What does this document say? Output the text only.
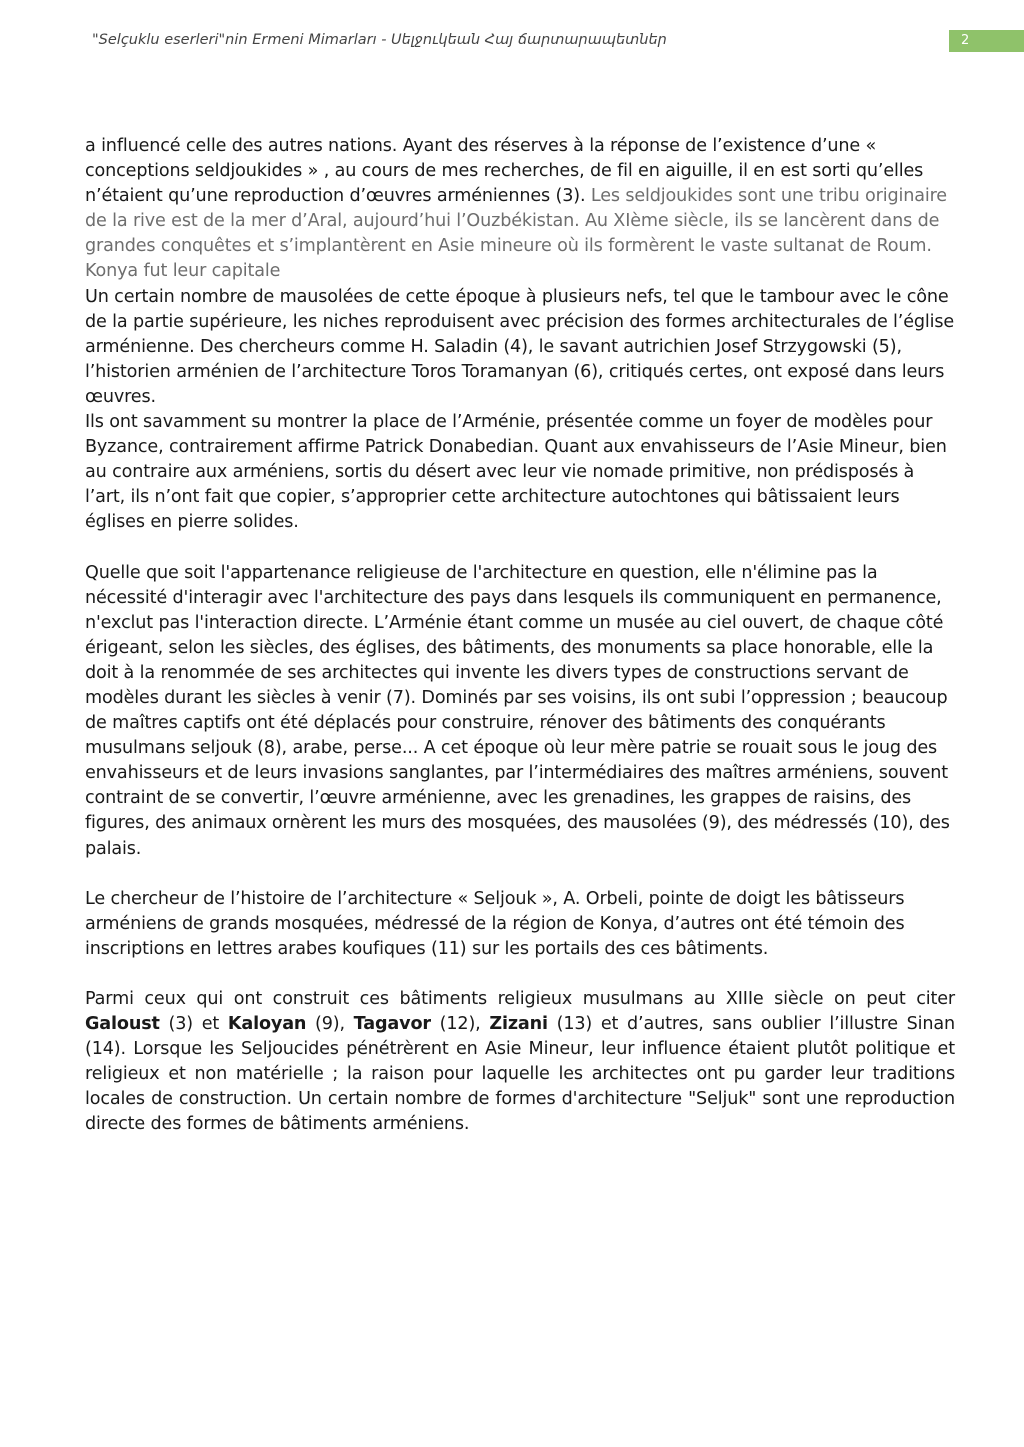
"Selçuklu eserleri"nin Ermeni Mimarları - Սելջուկեան Հայ ճարտարապետներ	2

a influencé celle des autres nations. Ayant des réserves à la réponse de l’existence d’une « conceptions seldjoukides » , au cours de mes recherches, de fil en aiguille, il en est sorti qu’elles n’étaient qu’une reproduction d’œuvres arméniennes (3). Les seldjoukides sont une tribu originaire de la rive est de la mer d’Aral, aujourd’hui l’Ouzbékistan. Au XIème siècle, ils se lancèrent dans de grandes conquêtes et s’implantèrent en Asie mineure où ils formèrent le vaste sultanat de Roum. Konya fut leur capitale

Un certain nombre de mausolées de cette époque à plusieurs nefs, tel que le tambour avec le cône de la partie supérieure, les niches reproduisent avec précision des formes architecturales de l’église arménienne. Des chercheurs comme H. Saladin (4), le savant autrichien Josef Strzygowski (5), l’historien arménien de l’architecture Toros Toramanyan (6), critiqués certes, ont exposé dans leurs œuvres.

Ils ont savamment su montrer la place de l’Arménie, présentée comme un foyer de modèles pour Byzance, contrairement affirme Patrick Donabedian. Quant aux envahisseurs de l’Asie Mineur, bien au contraire aux arméniens, sortis du désert avec leur vie nomade primitive, non prédisposés à l’art, ils n’ont fait que copier, s’approprier cette architecture autochtones qui bâtissaient leurs églises en pierre solides.

Quelle que soit l'appartenance religieuse de l'architecture en question, elle n'élimine pas la nécessité d'interagir avec l'architecture des pays dans lesquels ils communiquent en permanence, n'exclut pas l'interaction directe. L’Arménie étant comme un musée au ciel ouvert, de chaque côté érigeant, selon les siècles, des églises, des bâtiments, des monuments sa place honorable, elle la doit à la renommée de ses architectes qui invente les divers types de constructions servant de modèles durant les siècles à venir (7). Dominés par ses voisins, ils ont subi l’oppression ; beaucoup de maîtres captifs ont été déplacés pour construire, rénover des bâtiments des conquérants musulmans seljouk (8), arabe, perse... A cet époque où leur mère patrie se rouait sous le joug des envahisseurs et de leurs invasions sanglantes, par l’intermédiaires des maîtres arméniens, souvent contraint de se convertir, l’œuvre arménienne, avec les grenadines, les grappes de raisins, des figures, des animaux ornèrent les murs des mosquées, des mausolées (9), des médressés (10), des palais.

Le chercheur de l’histoire de l’architecture « Seljouk », A. Orbeli, pointe de doigt les bâtisseurs arméniens de grands mosquées, médressé de la région de Konya, d’autres ont été témoin des inscriptions en lettres arabes koufiques (11) sur les portails des ces bâtiments.

Parmi ceux qui ont construit ces bâtiments religieux musulmans au XIIIe siècle on peut citer Galoust (3) et Kaloyan (9), Tagavor (12), Zizani (13) et d’autres, sans oublier l’illustre Sinan (14). Lorsque les Seljoucides pénétrèrent en Asie Mineur, leur influence étaient plutôt politique et religieux et non matérielle ; la raison pour laquelle les architectes ont pu garder leur traditions locales de construction. Un certain nombre de formes d'architecture "Seljuk" sont une reproduction directe des formes de bâtiments arméniens.
